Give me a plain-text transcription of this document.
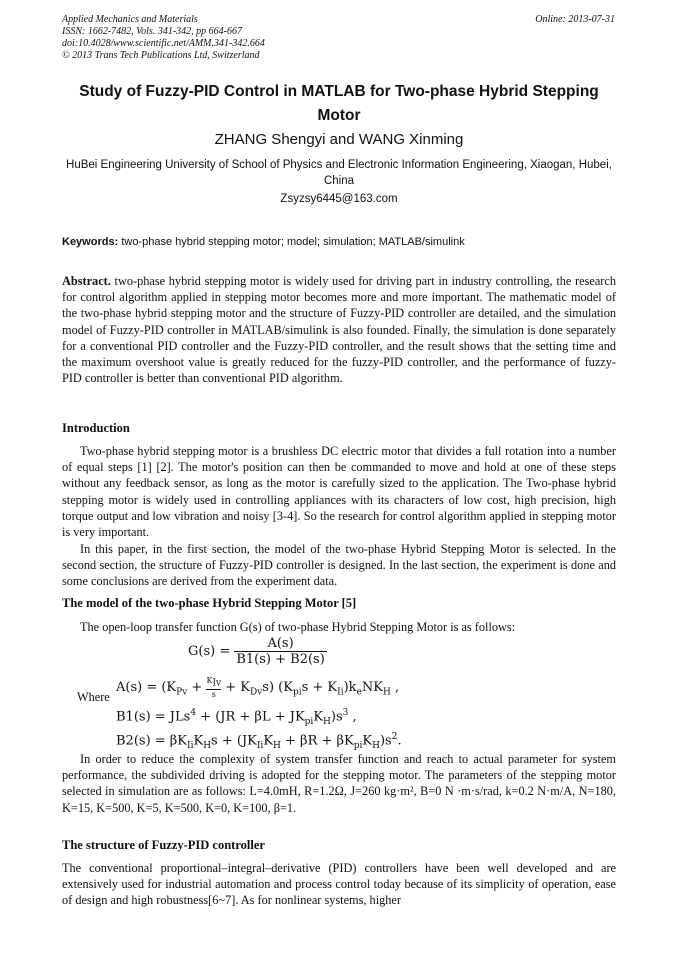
Applied Mechanics and Materials
ISSN: 1662-7482, Vols. 341-342, pp 664-667
doi:10.4028/www.scientific.net/AMM.341-342.664
© 2013 Trans Tech Publications Ltd, Switzerland
Online: 2013-07-31
Study of Fuzzy-PID Control in MATLAB for Two-phase Hybrid Stepping Motor
ZHANG Shengyi and WANG Xinming
HuBei Engineering University of School of Physics and Electronic Information Engineering, Xiaogan, Hubei, China
Zsyzsy6445@163.com
Keywords: two-phase hybrid stepping motor; model; simulation; MATLAB/simulink
Abstract. two-phase hybrid stepping motor is widely used for driving part in industry controlling, the research for control algorithm applied in stepping motor becomes more and more important. The mathematic model of the two-phase hybrid stepping motor and the structure of Fuzzy-PID controller are detailed, and the simulation model of Fuzzy-PID controller in MATLAB/simulink is also founded. Finally, the simulation is done separately for a conventional PID controller and the Fuzzy-PID controller, and the result shows that the setting time and the maximum overshoot value is greatly reduced for the fuzzy-PID controller, and the performance of fuzzy-PID controller is better than conventional PID algorithm.
Introduction
Two-phase hybrid stepping motor is a brushless DC electric motor that divides a full rotation into a number of equal steps [1] [2]. The motor's position can then be commanded to move and hold at one of these steps without any feedback sensor, as long as the motor is carefully sized to the application. The Two-phase hybrid stepping motor is widely used in controlling appliances with its characters of low cost, high precision, high torque output and low vibration and noisy [3-4]. So the research for control algorithm applied in stepping motor is very important.
In this paper, in the first section, the model of the two-phase Hybrid Stepping Motor is selected. In the second section, the structure of Fuzzy-PID controller is designed. In the last section, the experiment is done and some conclusions are derived from the experiment data.
The model of the two-phase Hybrid Stepping Motor [5]
The open-loop transfer function G(s) of two-phase Hybrid Stepping Motor is as follows:
$G(s) = \frac{A(s)}{B1(s) + B2(s)}$
Where
$A(s) = (K_{Pv} + \frac{K_{Iv}}{s} + K_{Dv}s) (K_{pi}s + K_{Ii})k_eNK_H$ ,
$B1(s) = JLs^4 + (JR + \beta L + JK_{pi}K_H)s^3$ ,
$B2(s) = \beta K_{Ii}K_Hs + (JK_{Ii}K_H + \beta R + \beta K_{pi}K_H)s^2$.
In order to reduce the complexity of system transfer function and reach to actual parameter for system performance, the subdivided driving is adopted for the stepping motor. The parameters of the stepping motor selected in simulation are as follows: L=4.0mH, R=1.2Ω, J=260 kg·m², B=0 N ·m·s/rad, k=0.2 N·m/A, N=180, K=15, K=500, K=5, K=500, K=0, K=100, β=1.
The structure of Fuzzy-PID controller
The conventional proportional–integral–derivative (PID) controllers have been well developed and are extensively used for industrial automation and process control today because of its simplicity of operation, ease of design and high robustness[6~7]. As for nonlinear systems, higher
